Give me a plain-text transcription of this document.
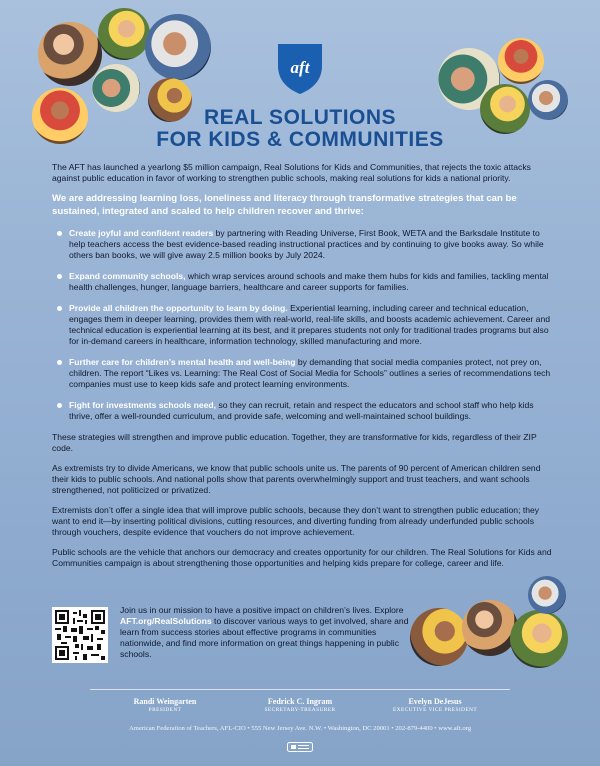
aft
REAL SOLUTIONS
FOR KIDS & COMMUNITIES

The AFT has launched a yearlong $5 million campaign, Real Solutions for Kids and Communities, that rejects the toxic attacks against public education in favor of working to strengthen public schools, making real solutions for kids a national priority.

We are addressing learning loss, loneliness and literacy through transformative strategies that can be sustained, integrated and scaled to help children recover and thrive:

Create joyful and confident readers by partnering with Reading Universe, First Book, WETA and the Barksdale Institute to help teachers access the best evidence-based reading instructional practices and by continuing to give books away. So while others ban books, we will give away 2.5 million books by July 2024.
Expand community schools, which wrap services around schools and make them hubs for kids and families, tackling mental health challenges, hunger, language barriers, healthcare and career supports for families.
Provide all children the opportunity to learn by doing. Experiential learning, including career and technical education, engages them in deeper learning, provides them with real-world, real-life skills, and boosts academic achievement. Career and technical education is experiential learning at its best, and it prepares students not only for traditional trades programs but also for in-demand careers in healthcare, information technology, skilled manufacturing and more.
Further care for children’s mental health and well-being by demanding that social media companies protect, not prey on, children. The report “Likes vs. Learning: The Real Cost of Social Media for Schools” outlines a series of recommendations tech companies must use to keep kids safe and protect learning environments.
Fight for investments schools need, so they can recruit, retain and respect the educators and school staff who help kids thrive, offer a well-rounded curriculum, and provide safe, welcoming and well-maintained school buildings.

These strategies will strengthen and improve public education. Together, they are transformative for kids, regardless of their ZIP code.

As extremists try to divide Americans, we know that public schools unite us. The parents of 90 percent of American children send their kids to public schools. And national polls show that parents overwhelmingly support and trust teachers, and want schools strengthened, not politicized or privatized.

Extremists don’t offer a single idea that will improve public schools, because they don’t want to strengthen public education; they want to end it—by inserting political divisions, cutting resources, and diverting funding from already underfunded public schools through vouchers, despite evidence that vouchers do not improve achievement.

Public schools are the vehicle that anchors our democracy and creates opportunity for our children. The Real Solutions for Kids and Communities campaign is about strengthening those opportunities and helping kids prepare for college, career and life.

Join us in our mission to have a positive impact on children’s lives. Explore AFT.org/RealSolutions to discover various ways to get involved, share and learn from success stories about effective programs in communities nationwide, and find more information on great things happening in public schools.
Randi Weingarten
PRESIDENT
Fedrick C. Ingram
SECRETARY-TREASURER
Evelyn DeJesus
EXECUTIVE VICE PRESIDENT
American Federation of Teachers, AFL-CIO • 555 New Jersey Ave. N.W. • Washington, DC 20001 • 202-879-4400 • www.aft.org
